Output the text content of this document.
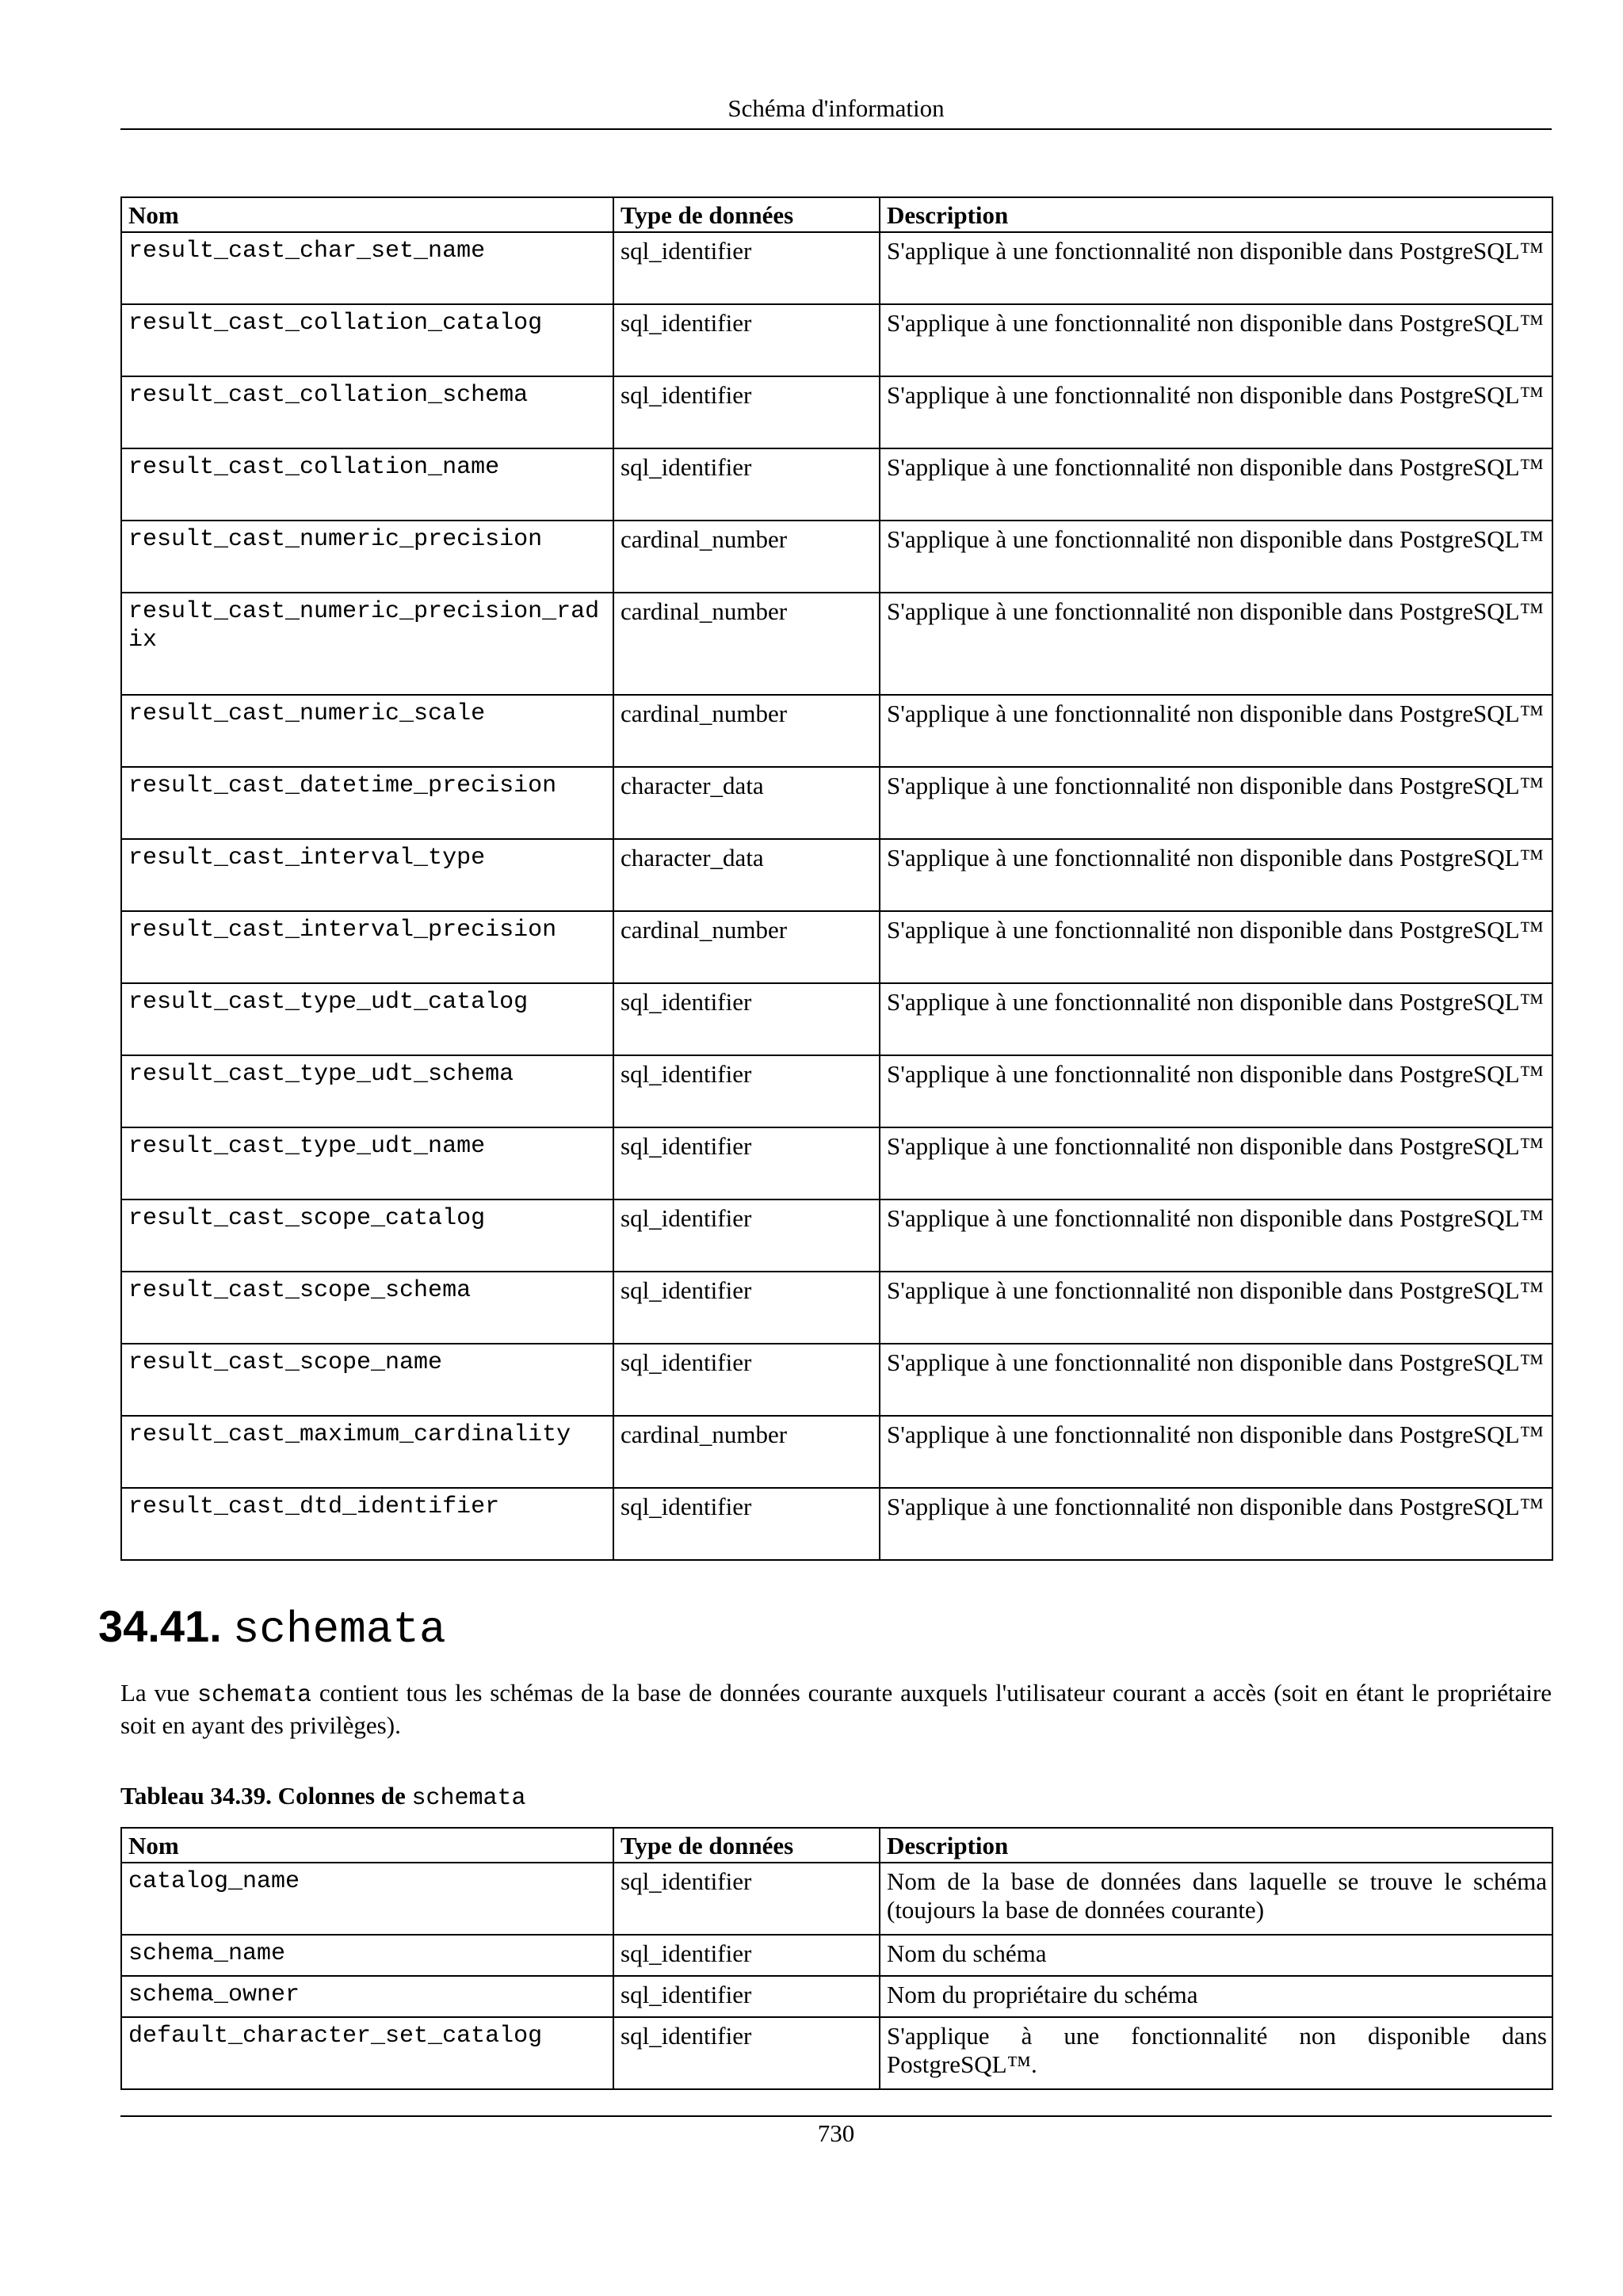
Schéma d'information
Nom	Type de données	Description
result_cast_char_set_name	sql_identifier	S'applique à une fonctionnalité non disponible dans PostgreSQL™
result_cast_collation_catalog	sql_identifier	S'applique à une fonctionnalité non disponible dans PostgreSQL™
result_cast_collation_schema	sql_identifier	S'applique à une fonctionnalité non disponible dans PostgreSQL™
result_cast_collation_name	sql_identifier	S'applique à une fonctionnalité non disponible dans PostgreSQL™
result_cast_numeric_precision	cardinal_number	S'applique à une fonctionnalité non disponible dans PostgreSQL™
result_cast_numeric_precision_radix	cardinal_number	S'applique à une fonctionnalité non disponible dans PostgreSQL™
result_cast_numeric_scale	cardinal_number	S'applique à une fonctionnalité non disponible dans PostgreSQL™
result_cast_datetime_precision	character_data	S'applique à une fonctionnalité non disponible dans PostgreSQL™
result_cast_interval_type	character_data	S'applique à une fonctionnalité non disponible dans PostgreSQL™
result_cast_interval_precision	cardinal_number	S'applique à une fonctionnalité non disponible dans PostgreSQL™
result_cast_type_udt_catalog	sql_identifier	S'applique à une fonctionnalité non disponible dans PostgreSQL™
result_cast_type_udt_schema	sql_identifier	S'applique à une fonctionnalité non disponible dans PostgreSQL™
result_cast_type_udt_name	sql_identifier	S'applique à une fonctionnalité non disponible dans PostgreSQL™
result_cast_scope_catalog	sql_identifier	S'applique à une fonctionnalité non disponible dans PostgreSQL™
result_cast_scope_schema	sql_identifier	S'applique à une fonctionnalité non disponible dans PostgreSQL™
result_cast_scope_name	sql_identifier	S'applique à une fonctionnalité non disponible dans PostgreSQL™
result_cast_maximum_cardinality	cardinal_number	S'applique à une fonctionnalité non disponible dans PostgreSQL™
result_cast_dtd_identifier	sql_identifier	S'applique à une fonctionnalité non disponible dans PostgreSQL™
34.41. schemata

La vue schemata contient tous les schémas de la base de données courante auxquels l'utilisateur courant a accès (soit en étant le propriétaire soit en ayant des privilèges).

Tableau 34.39. Colonnes de schemata
Nom	Type de données	Description
catalog_name	sql_identifier	Nom de la base de données dans laquelle se trouve le schéma (toujours la base de données courante)
schema_name	sql_identifier	Nom du schéma
schema_owner	sql_identifier	Nom du propriétaire du schéma
default_character_set_catalog	sql_identifier	S'applique à une fonctionnalité non disponible dans PostgreSQL™.
730
